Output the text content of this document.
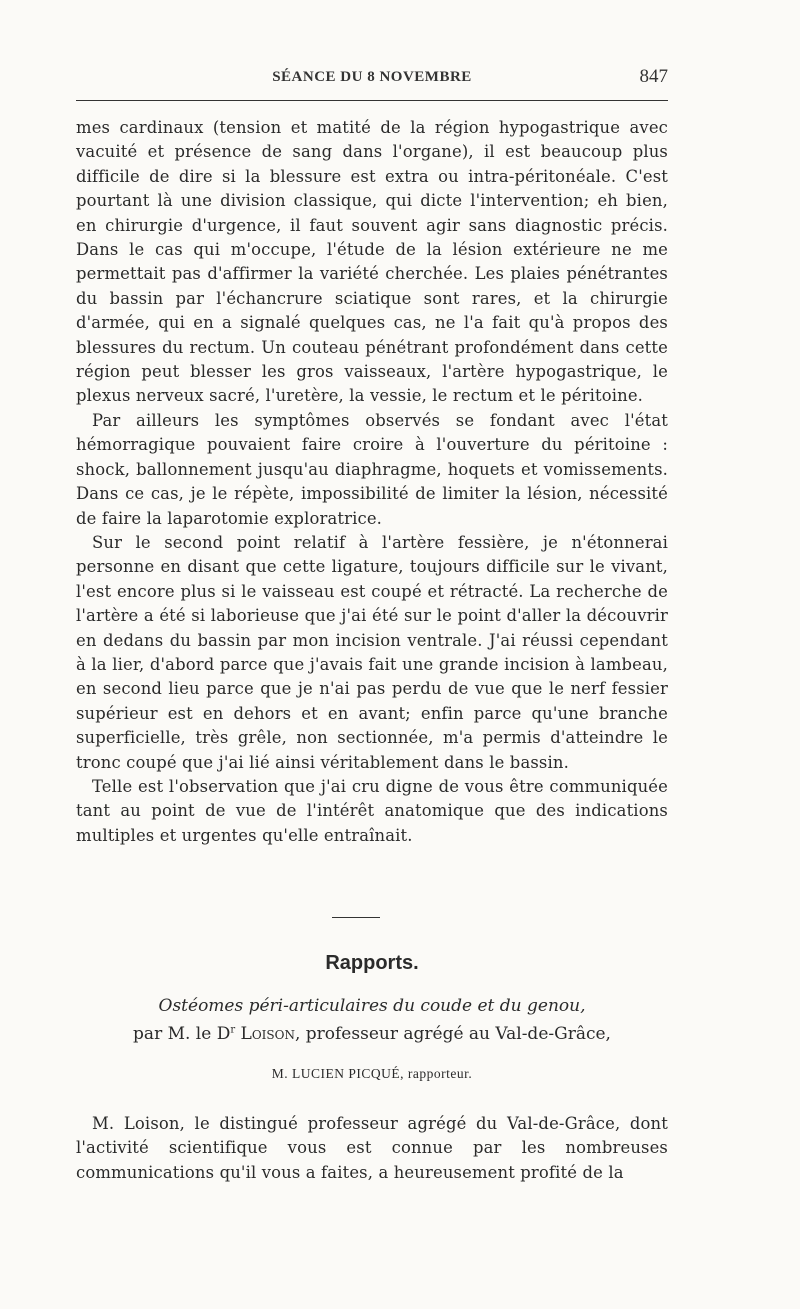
SÉANCE DU 8 NOVEMBRE	847

mes cardinaux (tension et matité de la région hypogastrique avec vacuité et présence de sang dans l'organe), il est beaucoup plus difficile de dire si la blessure est extra ou intra-péritonéale. C'est pourtant là une division classique, qui dicte l'intervention; eh bien, en chirurgie d'urgence, il faut souvent agir sans diagnostic précis. Dans le cas qui m'occupe, l'étude de la lésion extérieure ne me permettait pas d'affirmer la variété cherchée. Les plaies pénétrantes du bassin par l'échancrure sciatique sont rares, et la chirurgie d'armée, qui en a signalé quelques cas, ne l'a fait qu'à propos des blessures du rectum. Un couteau pénétrant profondément dans cette région peut blesser les gros vaisseaux, l'artère hypogastrique, le plexus nerveux sacré, l'uretère, la vessie, le rectum et le péritoine.

Par ailleurs les symptômes observés se fondant avec l'état hémorragique pouvaient faire croire à l'ouverture du péritoine : shock, ballonnement jusqu'au diaphragme, hoquets et vomissements. Dans ce cas, je le répète, impossibilité de limiter la lésion, nécessité de faire la laparotomie exploratrice.

Sur le second point relatif à l'artère fessière, je n'étonnerai personne en disant que cette ligature, toujours difficile sur le vivant, l'est encore plus si le vaisseau est coupé et rétracté. La recherche de l'artère a été si laborieuse que j'ai été sur le point d'aller la découvrir en dedans du bassin par mon incision ventrale. J'ai réussi cependant à la lier, d'abord parce que j'avais fait une grande incision à lambeau, en second lieu parce que je n'ai pas perdu de vue que le nerf fessier supérieur est en dehors et en avant; enfin parce qu'une branche superficielle, très grêle, non sectionnée, m'a permis d'atteindre le tronc coupé que j'ai lié ainsi véritablement dans le bassin.

Telle est l'observation que j'ai cru digne de vous être communiquée tant au point de vue de l'intérêt anatomique que des indications multiples et urgentes qu'elle entraînait.

Rapports.
Ostéomes péri-articulaires du coude et du genou,
par M. le $D^r$ Loison, professeur agrégé au Val-de-Grâce,
M. LUCIEN PICQUÉ, rapporteur.

M. Loison, le distingué professeur agrégé du Val-de-Grâce, dont l'activité scientifique vous est connue par les nombreuses communications qu'il vous a faites, a heureusement profité de la
